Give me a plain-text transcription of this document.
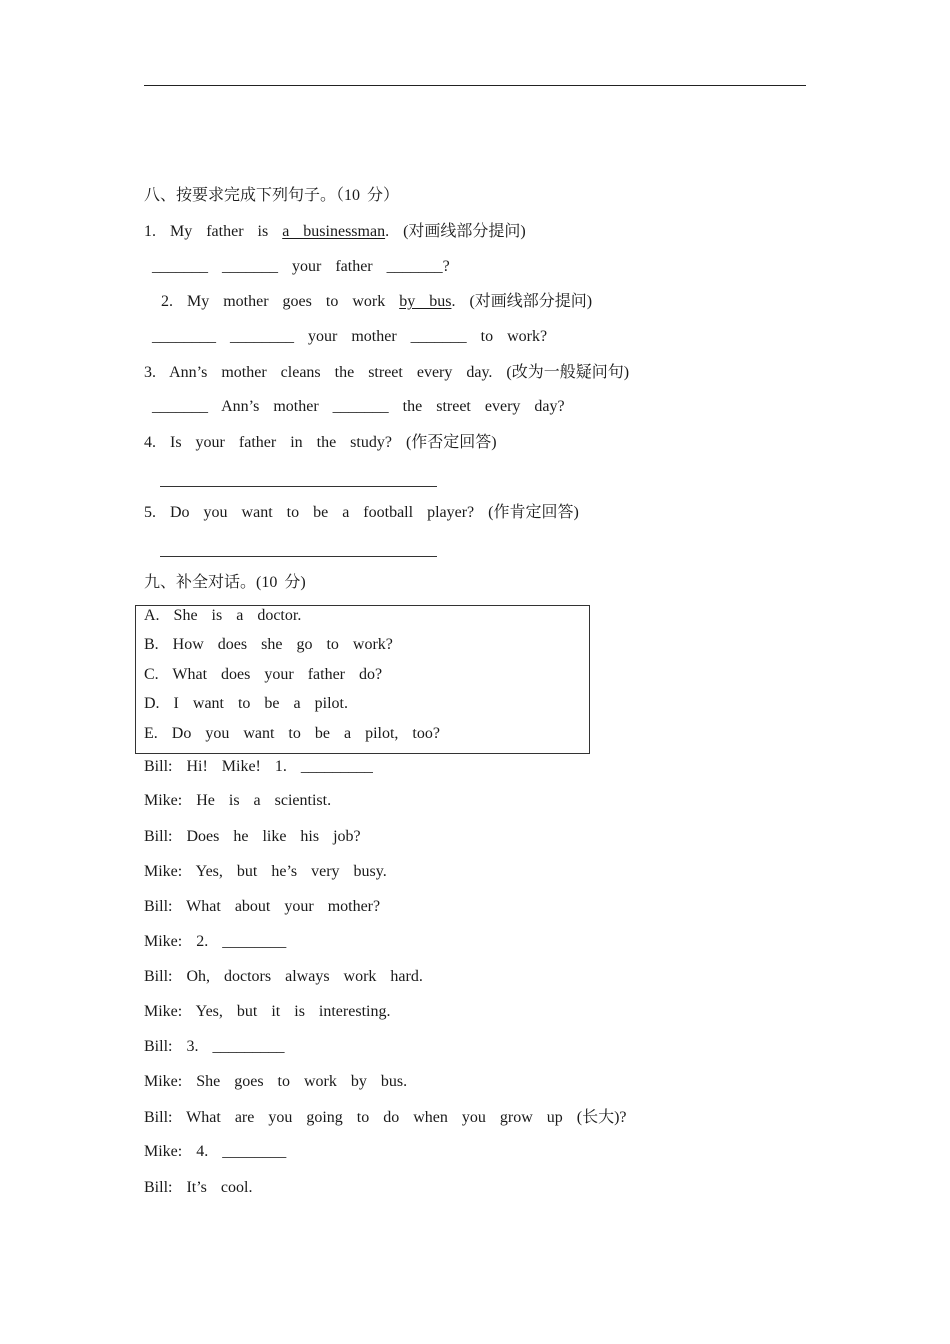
八、按要求完成下列句子。（10 分）
1.  My  father  is  a  businessman.  (对画线部分提问)
_______  _______  your  father  _______?
2.  My  mother  goes  to  work  by  bus.  (对画线部分提问)
________  ________  your  mother  _______  to  work?
3.  Ann’s  mother  cleans  the  street  every  day.  (改为一般疑问句)
_______  Ann’s  mother  _______  the  street  every  day?
4.  Is  your  father  in  the  study?  (作否定回答)
5.  Do  you  want  to  be  a  football  player?  (作肯定回答)
九、补全对话。(10 分)
A.  She  is  a  doctor.
B.  How  does  she  go  to  work?
C.  What  does  your  father  do?
D.  I  want  to  be  a  pilot.
E.  Do  you  want  to  be  a  pilot,  too?
Bill:  Hi!  Mike!  1.  _________
Mike:  He  is  a  scientist.
Bill:  Does  he  like  his  job?
Mike:  Yes,  but  he’s  very  busy.
Bill:  What  about  your  mother?
Mike:  2.  ________
Bill:  Oh,  doctors  always  work  hard.
Mike:  Yes,  but  it  is  interesting.
Bill:  3.  _________
Mike:  She  goes  to  work  by  bus.
Bill:  What  are  you  going  to  do  when  you  grow  up  (长大)?
Mike:  4.  ________
Bill:  It’s  cool.
